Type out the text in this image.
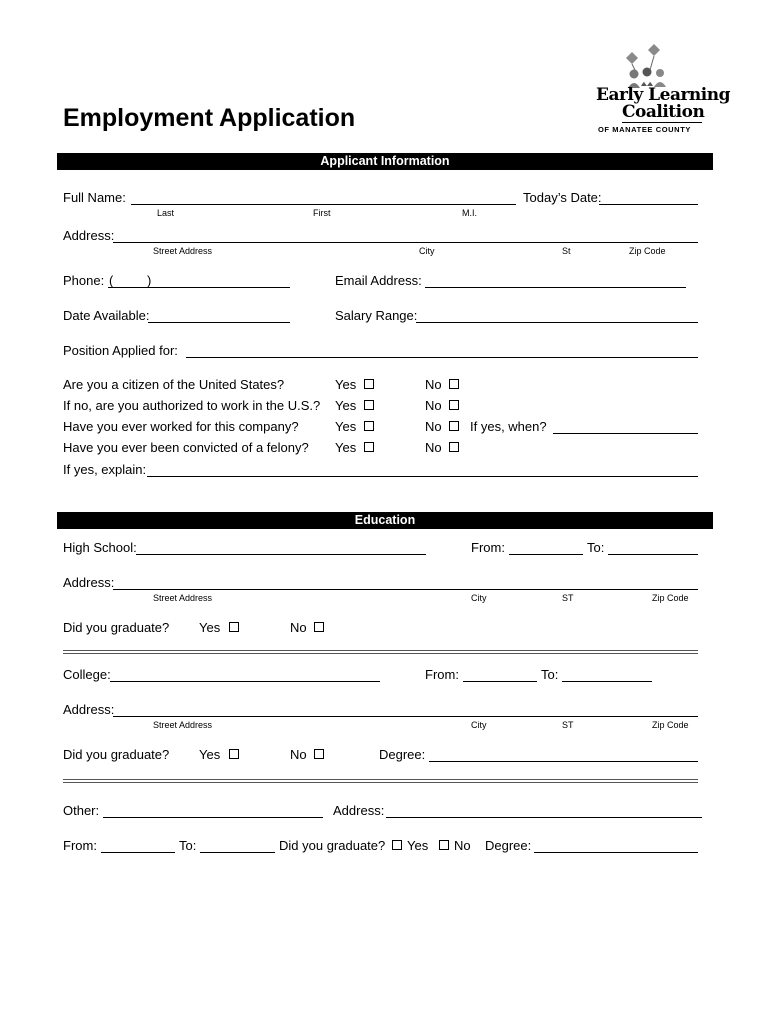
Employment Application
Early Learning
Coalition
OF MANATEE COUNTY
Applicant Information
Full Name:	Today’s Date:
Last	First	M.I.
Address:
Street Address	City	St	Zip Code
Phone: (	)	Email Address:
Date Available:	Salary Range:
Position Applied for:
Are you a citizen of the United States?	Yes	No
If no, are you authorized to work in the U.S.? Yes	No
Have you ever worked for this company?	Yes	No If yes, when?
Have you ever been convicted of a felony? Yes	No
If yes, explain:
Education
High School:	From:	To:
Address:
Street Address	City	ST	Zip Code
Did you graduate? Yes	No
College:	From:	To:
Address:
Street Address	City	ST	Zip Code
Did you graduate? Yes	No	Degree:
Other:	Address:
From:	To:	Did you graduate? Yes No Degree:
